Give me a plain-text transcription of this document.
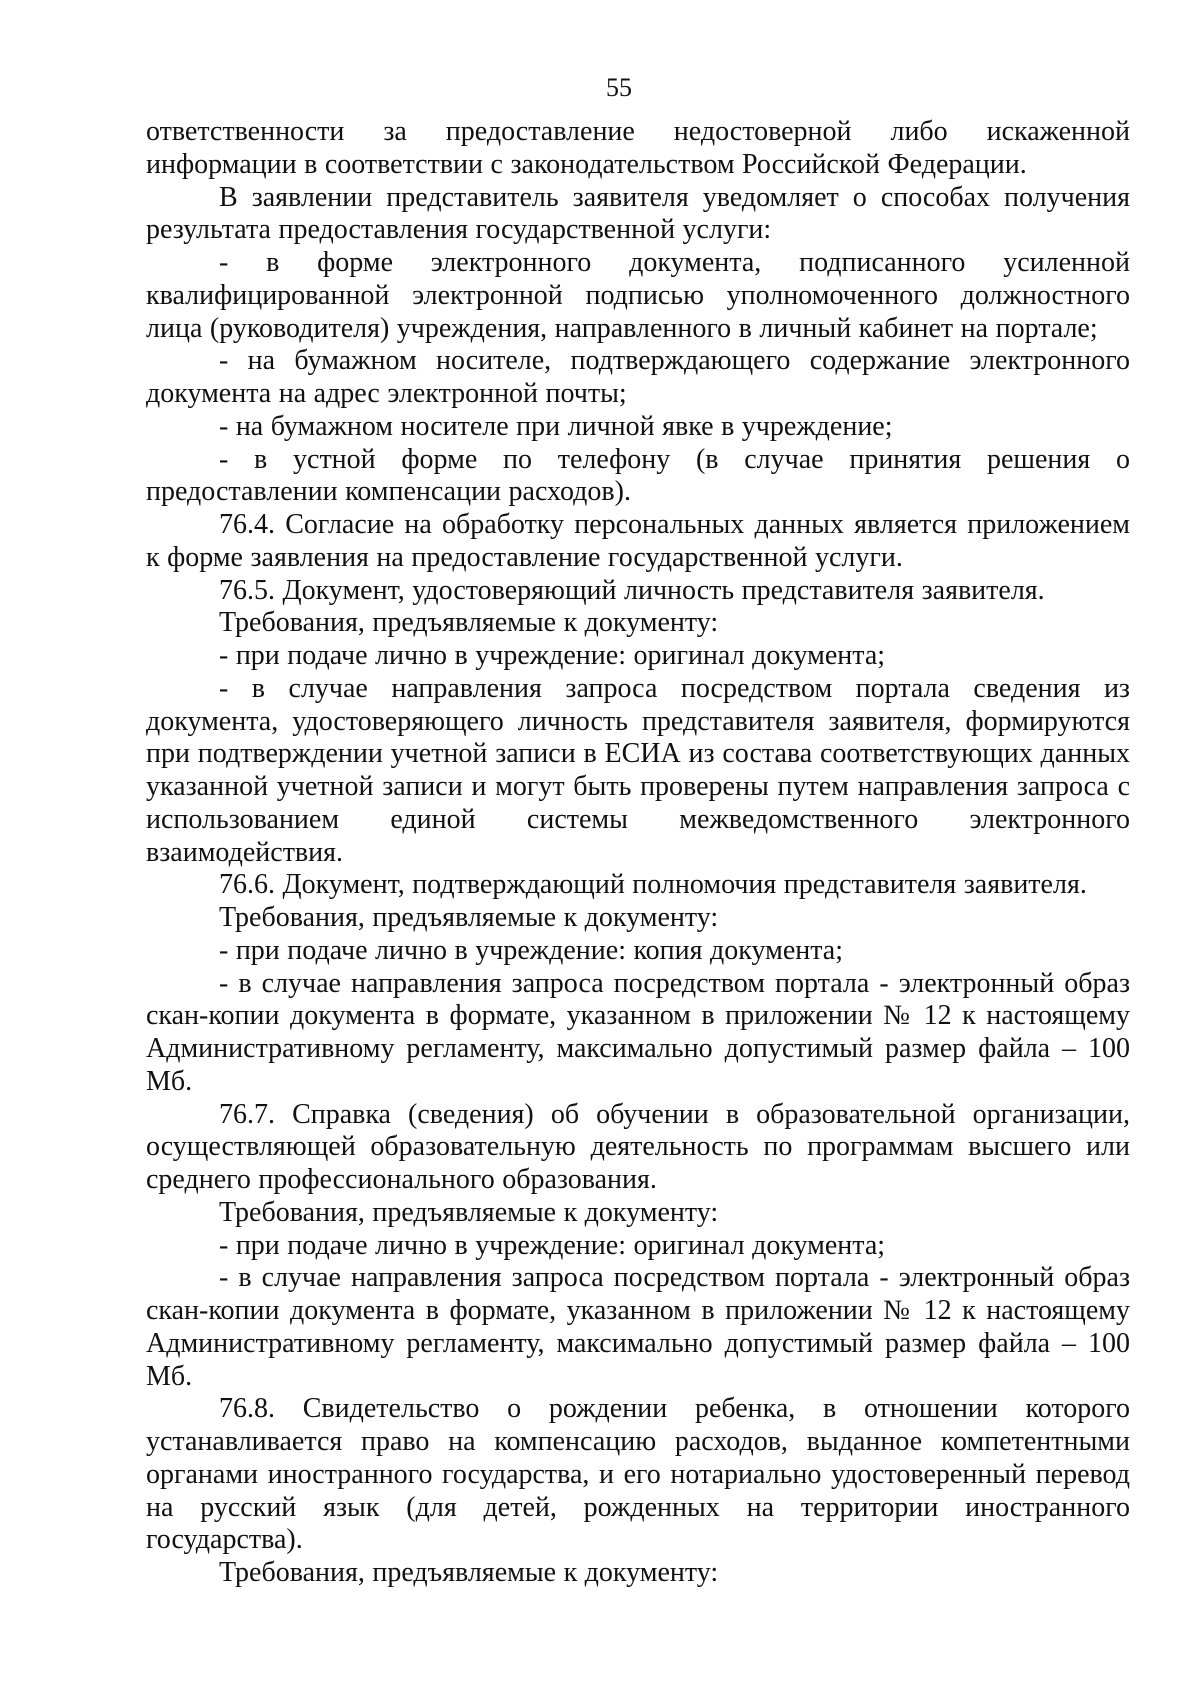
55

ответственности за предоставление недостоверной либо искаженной информации в соответствии с законодательством Российской Федерации.

В заявлении представитель заявителя уведомляет о способах получения результата предоставления государственной услуги:

- в форме электронного документа, подписанного усиленной квалифицированной электронной подписью уполномоченного должностного лица (руководителя) учреждения, направленного в личный кабинет на портале;

- на бумажном носителе, подтверждающего содержание электронного документа на адрес электронной почты;

- на бумажном носителе при личной явке в учреждение;

- в устной форме по телефону (в случае принятия решения о предоставлении компенсации расходов).

76.4. Согласие на обработку персональных данных является приложением к форме заявления на предоставление государственной услуги.

76.5. Документ, удостоверяющий личность представителя заявителя.

Требования, предъявляемые к документу:

- при подаче лично в учреждение: оригинал документа;

- в случае направления запроса посредством портала сведения из документа, удостоверяющего личность представителя заявителя, формируются при подтверждении учетной записи в ЕСИА из состава соответствующих данных указанной учетной записи и могут быть проверены путем направления запроса с использованием единой системы межведомственного электронного взаимодействия.

76.6. Документ, подтверждающий полномочия представителя заявителя.

Требования, предъявляемые к документу:

- при подаче лично в учреждение: копия документа;

- в случае направления запроса посредством портала - электронный образ скан-копии документа в формате, указанном в приложении № 12 к настоящему Административному регламенту, максимально допустимый размер файла – 100 Мб.

76.7. Справка (сведения) об обучении в образовательной организации, осуществляющей образовательную деятельность по программам высшего или среднего профессионального образования.

Требования, предъявляемые к документу:

- при подаче лично в учреждение: оригинал документа;

- в случае направления запроса посредством портала - электронный образ скан-копии документа в формате, указанном в приложении № 12 к настоящему Административному регламенту, максимально допустимый размер файла – 100 Мб.

76.8. Свидетельство о рождении ребенка, в отношении которого устанавливается право на компенсацию расходов, выданное компетентными органами иностранного государства, и его нотариально удостоверенный перевод на русский язык (для детей, рожденных на территории иностранного государства).

Требования, предъявляемые к документу:
